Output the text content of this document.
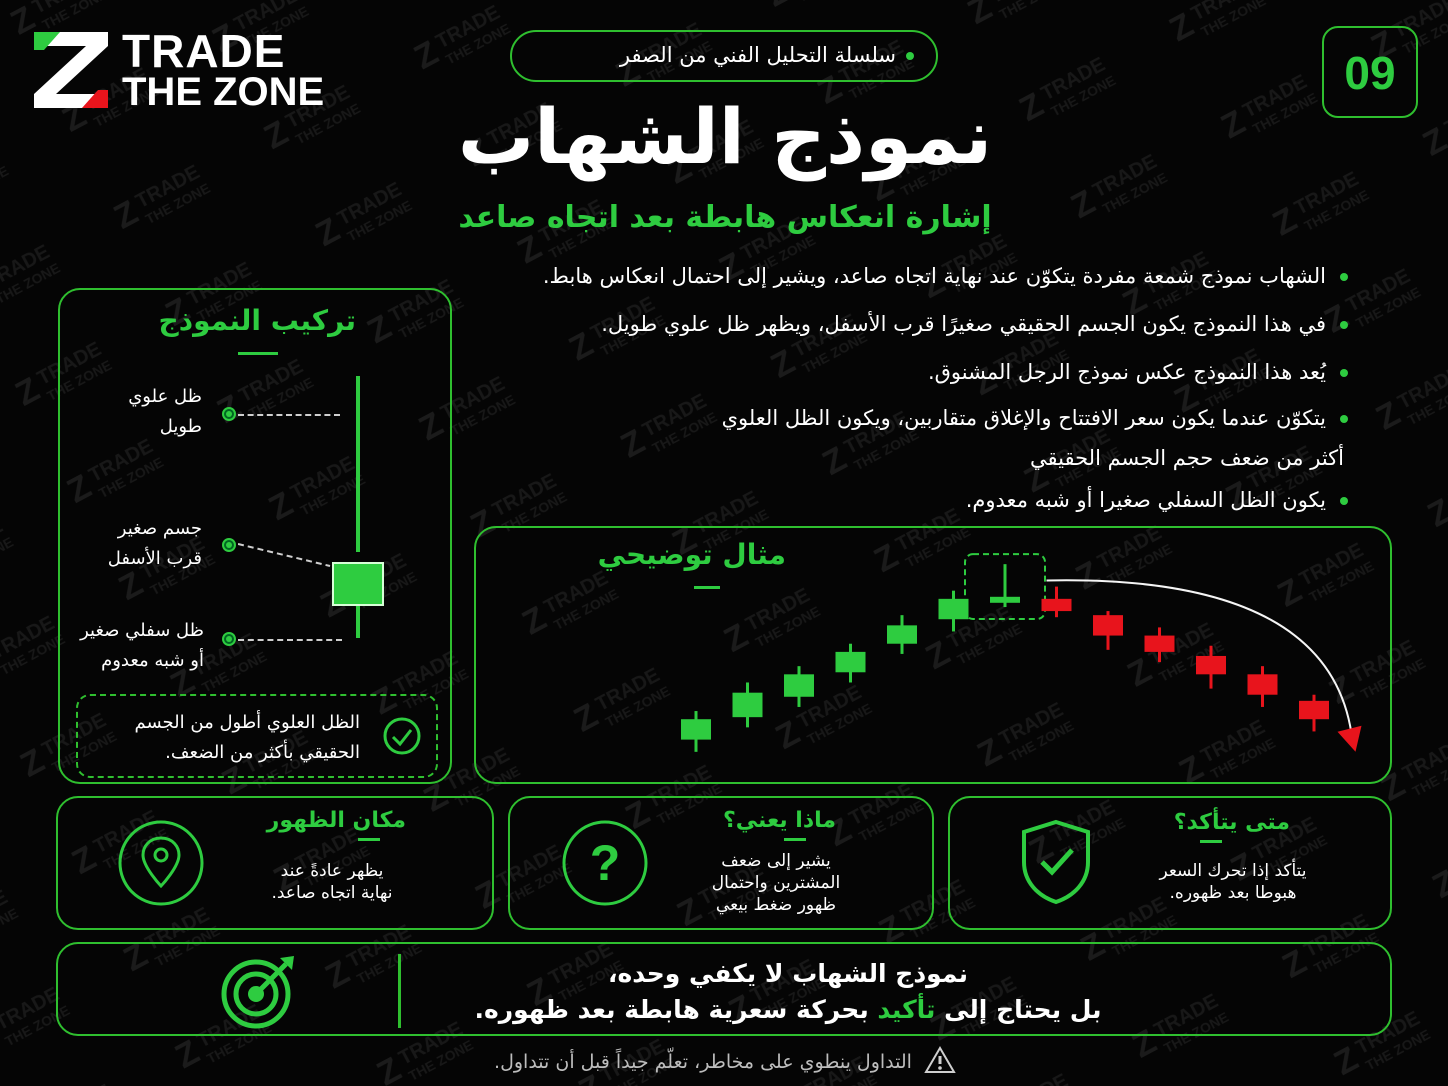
TRADE
THE ZONE
سلسلة التحليل الفني من الصفر	09
نموذج الشهاب
إشارة انعكاس هابطة بعد اتجاه صاعد
الشهاب نموذج شمعة مفردة يتكوّن عند نهاية اتجاه صاعد، ويشير إلى احتمال انعكاس هابط.
في هذا النموذج يكون الجسم الحقيقي صغيرًا قرب الأسفل، ويظهر ظل علوي طويل.
يُعد هذا النموذج عكس نموذج الرجل المشنوق.
يتكوّن عندما يكون سعر الافتتاح والإغلاق متقاربين، ويكون الظل العلوي
أكثر من ضعف حجم الجسم الحقيقي
يكون الظل السفلي صغيرا أو شبه معدوم.
تركيب النموذج
ظل علوي
طويل
جسم صغير
قرب الأسفل
ظل سفلي صغير
أو شبه معدوم
الظل العلوي أطول من الجسم
الحقيقي بأكثر من الضعف.
مثال توضيحي
مكان الظهور
يظهر عادةً عند
نهاية اتجاه صاعد.
?
ماذا يعني؟
يشير إلى ضعف
المشترين واحتمال
ظهور ضغط بيعي
متى يتأكد؟
يتأكد إذا تحرك السعر
هبوطا بعد ظهوره.
نموذج الشهاب لا يكفي وحده،
بل يحتاج إلى تأكيد بحركة سعرية هابطة بعد ظهوره.
التداول ينطوي على مخاطر، تعلّم جيداً قبل أن تتداول.
